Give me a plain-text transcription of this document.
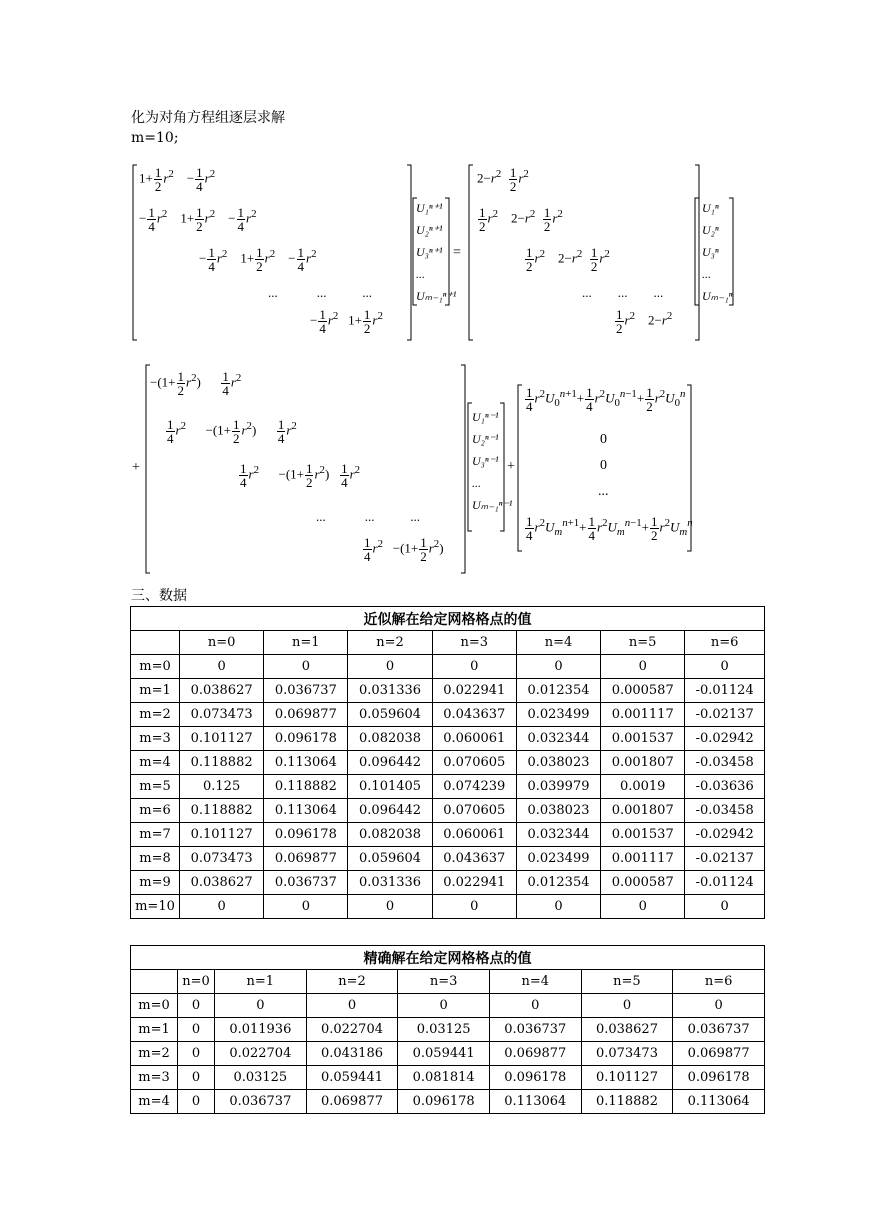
化为对角方程组逐层求解
m=10;
$1+ \frac{1}{2} r^2$    − $\frac{1}{4} r^2$
− $\frac{1}{4} r^2$    $1+ \frac{1}{2} r^2$    − $\frac{1}{4} r^2$
− $\frac{1}{4} r^2$    $1+ \frac{1}{2} r^2$    − $\frac{1}{4} r^2$
...            ...           ...
− $\frac{1}{4} r^2$   $1+ \frac{1}{2} r^2$
U₁ⁿ⁺¹
U₂ⁿ⁺¹
U₃ⁿ⁺¹
...
Uₘ₋₁ⁿ⁺¹
=
$2-r^2 \frac{1}{2} r^2$
$\frac{1}{2} r^2$    $2-r^2 \frac{1}{2} r^2$
$\frac{1}{2} r^2$    $2-r^2 \frac{1}{2} r^2$
...        ...        ...
$\frac{1}{2} r^2$    $2-r^2$
U₁ⁿ
U₂ⁿ
U₃ⁿ
...
Uₘ₋₁ⁿ
+
$-(1+ \frac{1}{2} r^2) \frac{1}{4} r^2$
$\frac{1}{4} r^2$      $-(1+ \frac{1}{2} r^2) \frac{1}{4} r^2$
$\frac{1}{4} r^2$      $-(1+ \frac{1}{2} r^2) \frac{1}{4} r^2$
...            ...           ...
$\frac{1}{4} r^2 -(1+ \frac{1}{2} r^2)$
U₁ⁿ⁻¹
U₂ⁿ⁻¹
U₃ⁿ⁻¹
...
Uₘ₋₁ⁿ⁻¹
+
$\frac{1}{4} r^2U_0^{n+1}+ \frac{1}{4} r^2U_0^{n-1}+ \frac{1}{2} r^2U_0^n$
0
0
...
$\frac{1}{4} r^2U_m^{n+1}+ \frac{1}{4} r^2U_m^{n-1}+ \frac{1}{2} r^2U_m^n$
三、数据
近似解在给定网格格点的值							
	n=0	n=1	n=2	n=3	n=4	n=5	n=6
m=0	0	0	0	0	0	0	0
m=1	0.038627	0.036737	0.031336	0.022941	0.012354	0.000587	-0.01124
m=2	0.073473	0.069877	0.059604	0.043637	0.023499	0.001117	-0.02137
m=3	0.101127	0.096178	0.082038	0.060061	0.032344	0.001537	-0.02942
m=4	0.118882	0.113064	0.096442	0.070605	0.038023	0.001807	-0.03458
m=5	0.125	0.118882	0.101405	0.074239	0.039979	0.0019	-0.03636
m=6	0.118882	0.113064	0.096442	0.070605	0.038023	0.001807	-0.03458
m=7	0.101127	0.096178	0.082038	0.060061	0.032344	0.001537	-0.02942
m=8	0.073473	0.069877	0.059604	0.043637	0.023499	0.001117	-0.02137
m=9	0.038627	0.036737	0.031336	0.022941	0.012354	0.000587	-0.01124
m=10	0	0	0	0	0	0	0
精确解在给定网格格点的值							
	n=0	n=1	n=2	n=3	n=4	n=5	n=6
m=0	0	0	0	0	0	0	0
m=1	0	0.011936	0.022704	0.03125	0.036737	0.038627	0.036737
m=2	0	0.022704	0.043186	0.059441	0.069877	0.073473	0.069877
m=3	0	0.03125	0.059441	0.081814	0.096178	0.101127	0.096178
m=4	0	0.036737	0.069877	0.096178	0.113064	0.118882	0.113064
